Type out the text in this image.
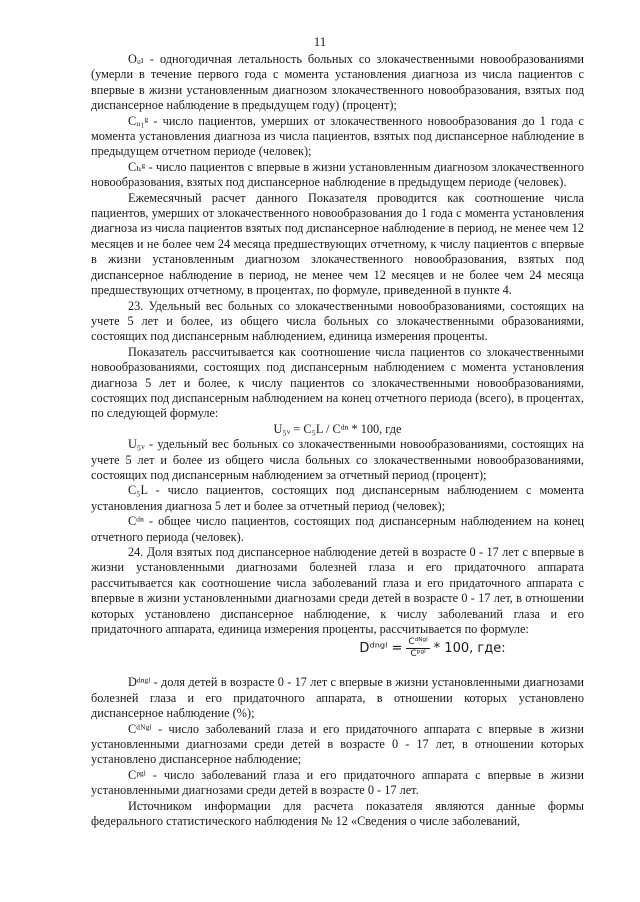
11

Oᵤₗ - одногодичная летальность больных со злокачественными новообразованиями (умерли в течение первого года с момента установления диагноза из числа пациентов с впервые в жизни установленным диагнозом злокачественного новообразования, взятых под диспансерное наблюдение в предыдущем году) (процент);

Cᵤ₁ᵍ - число пациентов, умерших от злокачественного новообразования до 1 года с момента установления диагноза из числа пациентов, взятых под диспансерное наблюдение в предыдущем отчетном периоде (человек);

Cₕᵍ - число пациентов с впервые в жизни установленным диагнозом злокачественного новообразования, взятых под диспансерное наблюдение в предыдущем периоде (человек).

Ежемесячный расчет данного Показателя проводится как соотношение числа пациентов, умерших от злокачественного новообразования до 1 года с момента установления диагноза из числа пациентов взятых под диспансерное наблюдение в период, не менее чем 12 месяцев и не более чем 24 месяца предшествующих отчетному, к числу пациентов с впервые в жизни установленным диагнозом злокачественного новообразования, взятых под диспансерное наблюдение в период, не менее чем 12 месяцев и не более чем 24 месяца предшествующих отчетному, в процентах, по формуле, приведенной в пункте 4.

23. Удельный вес больных со злокачественными новообразованиями, состоящих на учете 5 лет и более, из общего числа больных со злокачественными образованиями, состоящих под диспансерным наблюдением, единица измерения проценты.

Показатель рассчитывается как соотношение числа пациентов со злокачественными новообразованиями, состоящих под диспансерным наблюдением с момента установления диагноза 5 лет и более, к числу пациентов со злокачественными новообразованиями, состоящих под диспансерным наблюдением на конец отчетного периода (всего), в процентах, по следующей формуле:

U₅ᵥ = C₅L / Cᵈⁿ * 100, где

U₅ᵥ - удельный вес больных со злокачественными новообразованиями, состоящих на учете 5 лет и более из общего числа больных со злокачественными новообразованиями, состоящих под диспансерным наблюдением за отчетный период (процент);

C₅L - число пациентов, состоящих под диспансерным наблюдением с момента установления диагноза 5 лет и более за отчетный период (человек);

Cᵈⁿ - общее число пациентов, состоящих под диспансерным наблюдением на конец отчетного периода (человек).

24. Доля взятых под диспансерное наблюдение детей в возрасте 0 - 17 лет с впервые в жизни установленными диагнозами болезней глаза и его придаточного аппарата рассчитывается как соотношение числа заболеваний глаза и его придаточного аппарата с впервые в жизни установленными диагнозами среди детей в возрасте 0 - 17 лет, в отношении которых установлено диспансерное наблюдение, к числу заболеваний глаза и его придаточного аппарата, единица измерения проценты, рассчитывается по формуле:

Dᵈⁿᵍˡ = $\frac{\text{Cᵈᴺᵍˡ}}{\text{Cᵖᵍˡ}} * 100$, где:

Dᵈⁿᵍˡ - доля детей в возрасте 0 - 17 лет с впервые в жизни установленными диагнозами болезней глаза и его придаточного аппарата, в отношении которых установлено диспансерное наблюдение (%);

Cᵈᴺᵍˡ - число заболеваний глаза и его придаточного аппарата с впервые в жизни установленными диагнозами среди детей в возрасте 0 - 17 лет, в отношении которых установлено диспансерное наблюдение;

Cᵖᵍˡ - число заболеваний глаза и его придаточного аппарата с впервые в жизни установленными диагнозами среди детей в возрасте 0 - 17 лет.

Источником информации для расчета показателя являются данные формы федерального статистического наблюдения № 12 «Сведения о числе заболеваний,
